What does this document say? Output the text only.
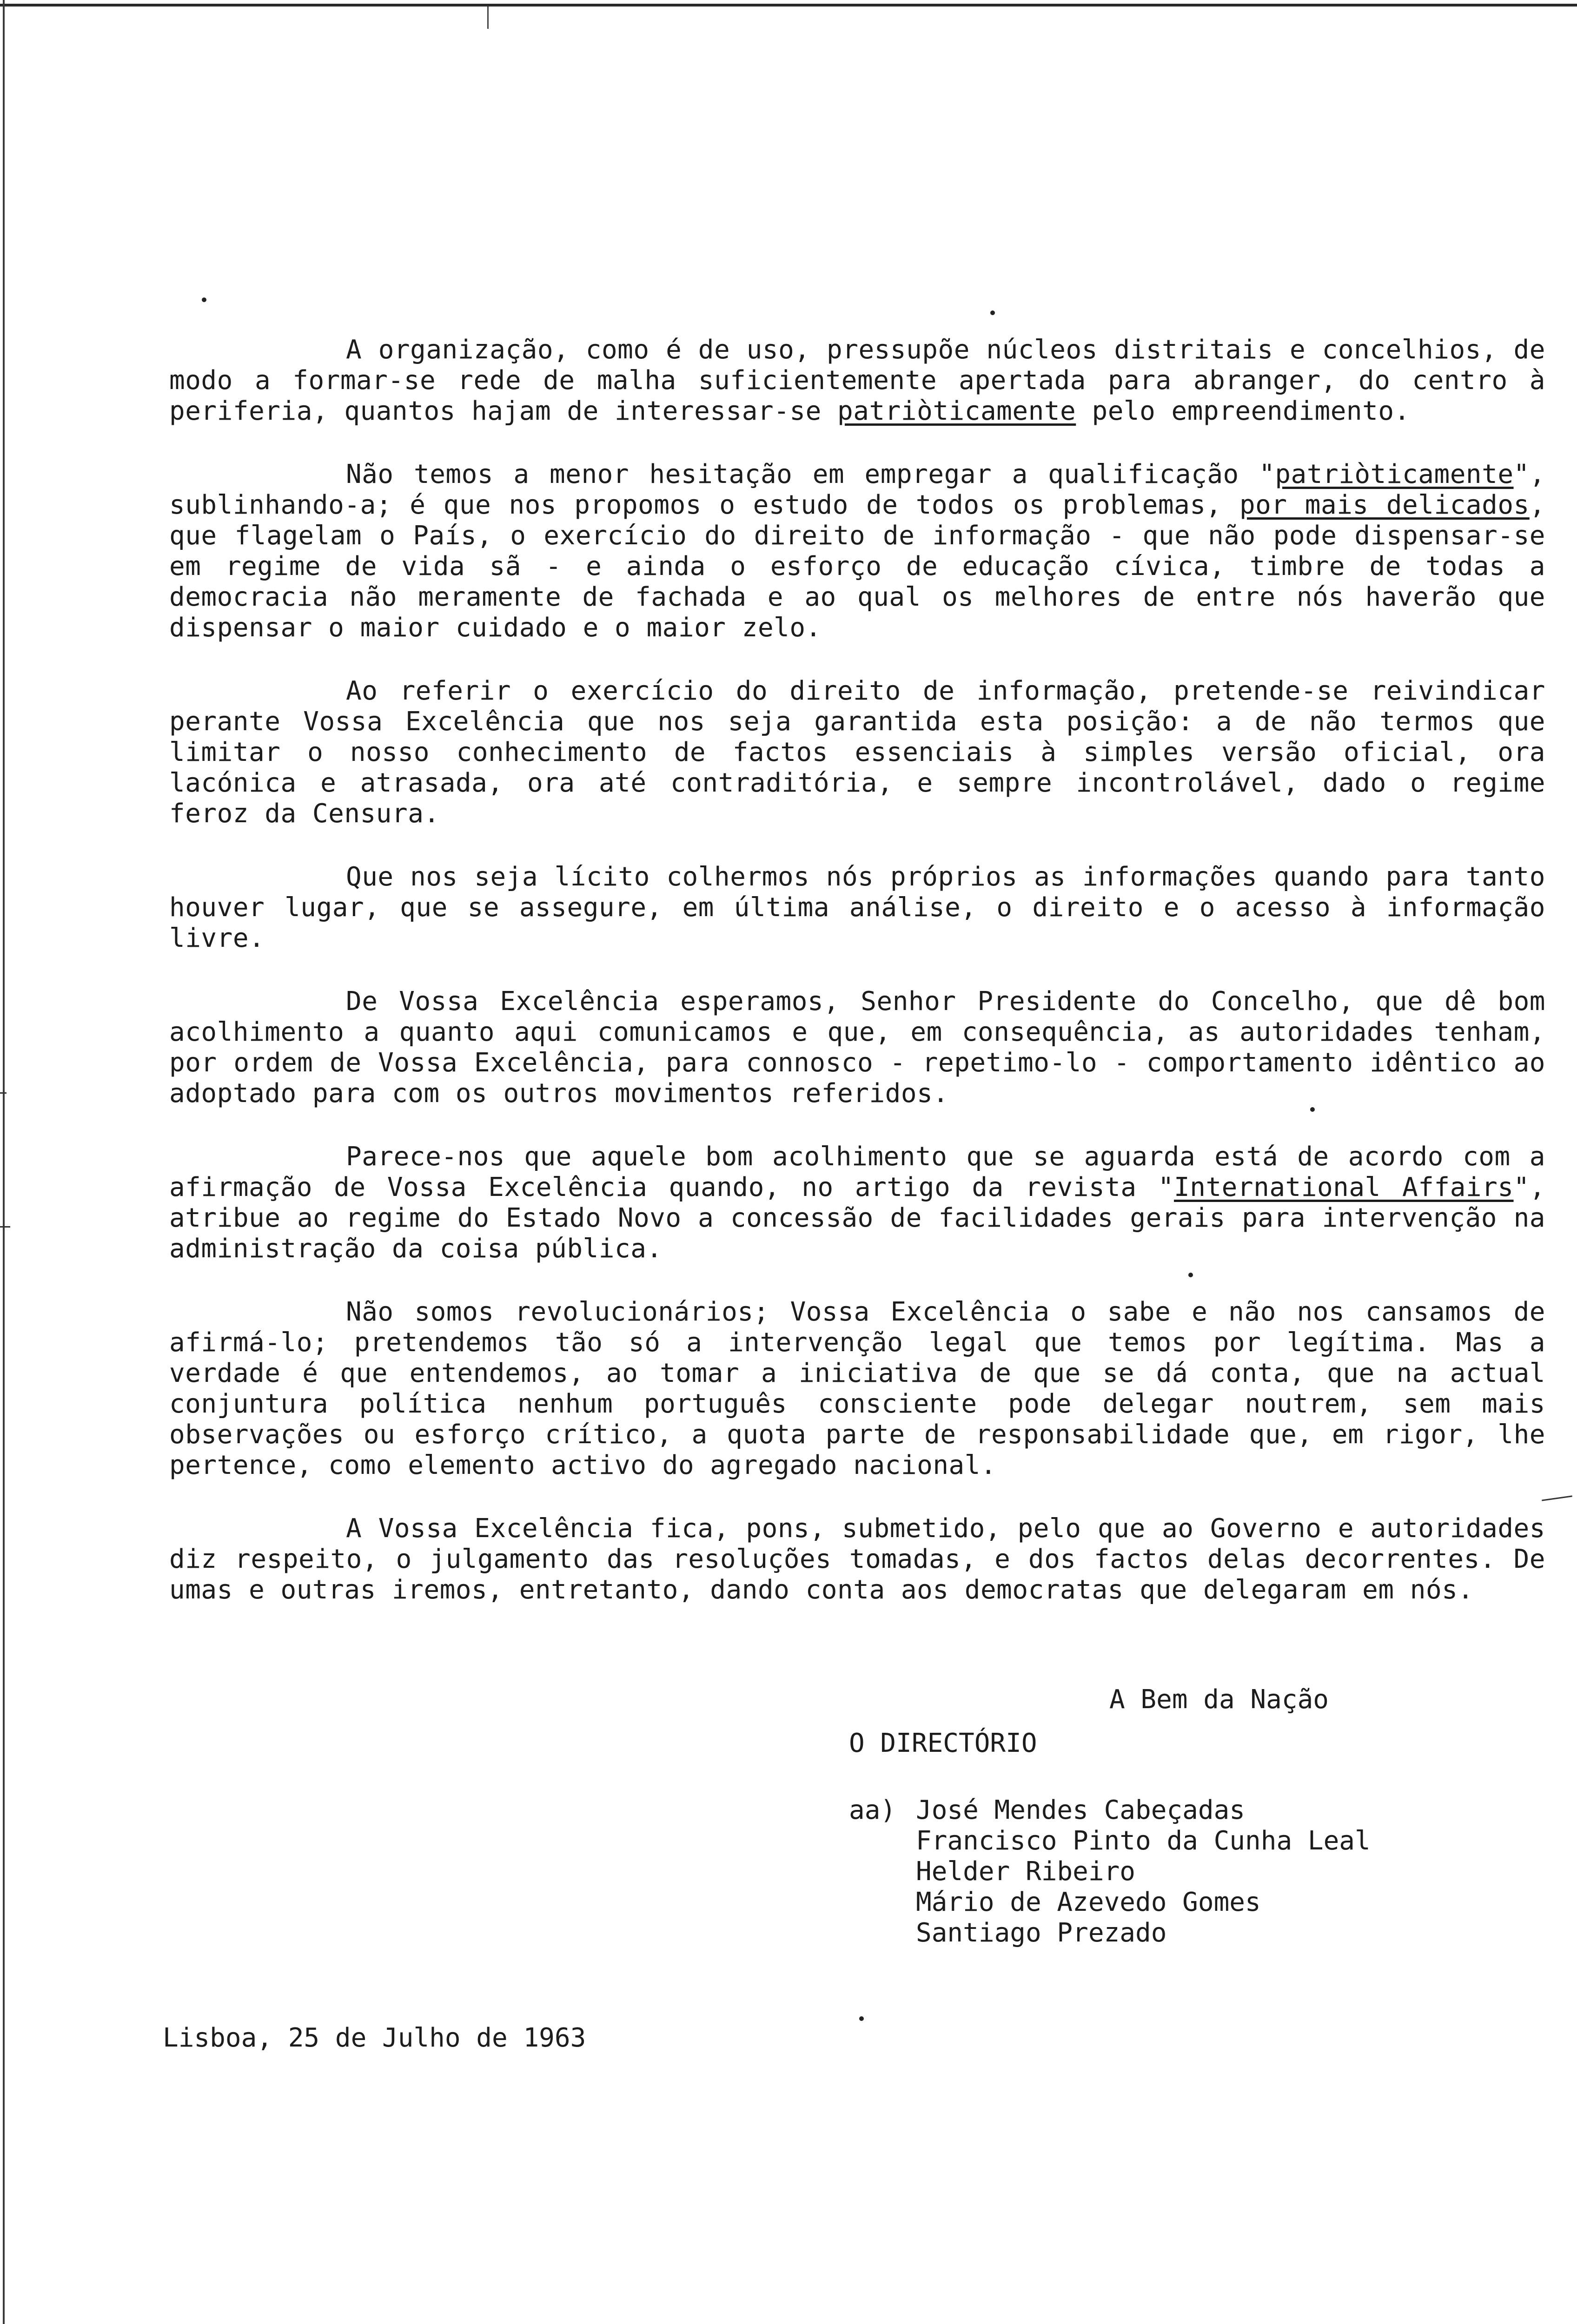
A organização, como é de uso, pressupõe núcleos distritais e concelhios, de modo a formar-se rede de malha suficientemente apertada para abranger, do centro à periferia, quantos hajam de interessar-se patriòticamente pelo empreendimento.

Não temos a menor hesitação em empregar a qualificação "patriòticamente", sublinhando-a; é que nos propomos o estudo de todos os problemas, por mais delicados, que flagelam o País, o exercício do direito de informação - que não pode dispensar-se em regime de vida sã - e ainda o esforço de educação cívica, timbre de todas a democracia não meramente de fachada e ao qual os melhores de entre nós haverão que dispensar o maior cuidado e o maior zelo.

Ao referir o exercício do direito de informação, pretende-se reivindicar perante Vossa Excelência que nos seja garantida esta posição: a de não termos que limitar o nosso conhecimento de factos essenciais à simples versão oficial, ora lacónica e atrasada, ora até contraditória, e sempre incontrolável, dado o regime feroz da Censura.

Que nos seja lícito colhermos nós próprios as informações quando para tanto houver lugar, que se assegure, em última análise, o direito e o acesso à informação livre.

De Vossa Excelência esperamos, Senhor Presidente do Concelho, que dê bom acolhimento a quanto aqui comunicamos e que, em consequência, as autoridades tenham, por ordem de Vossa Excelência, para connosco - repetimo-lo - comportamento idêntico ao adoptado para com os outros movimentos referidos.

Parece-nos que aquele bom acolhimento que se aguarda está de acordo com a afirmação de Vossa Excelência quando, no artigo da revista "International Affairs", atribue ao regime do Estado Novo a concessão de facilidades gerais para intervenção na administração da coisa pública.

Não somos revolucionários; Vossa Excelência o sabe e não nos cansamos de afirmá-lo; pretendemos tão só a intervenção legal que temos por legítima. Mas a verdade é que entendemos, ao tomar a iniciativa de que se dá conta, que na actual conjuntura política nenhum português consciente pode delegar noutrem, sem mais observações ou esforço crítico, a quota parte de responsabilidade que, em rigor, lhe pertence, como elemento activo do agregado nacional.

A Vossa Excelência fica, pons, submetido, pelo que ao Governo e autoridades diz respeito, o julgamento das resoluções tomadas, e dos factos delas decorrentes. De umas e outras iremos, entretanto, dando conta aos democratas que delegaram em nós.

A Bem da Nação
O DIRECTÓRIO
aa) José Mendes Cabeçadas
Francisco Pinto da Cunha Leal
Helder Ribeiro
Mário de Azevedo Gomes
Santiago Prezado
Lisboa, 25 de Julho de 1963
